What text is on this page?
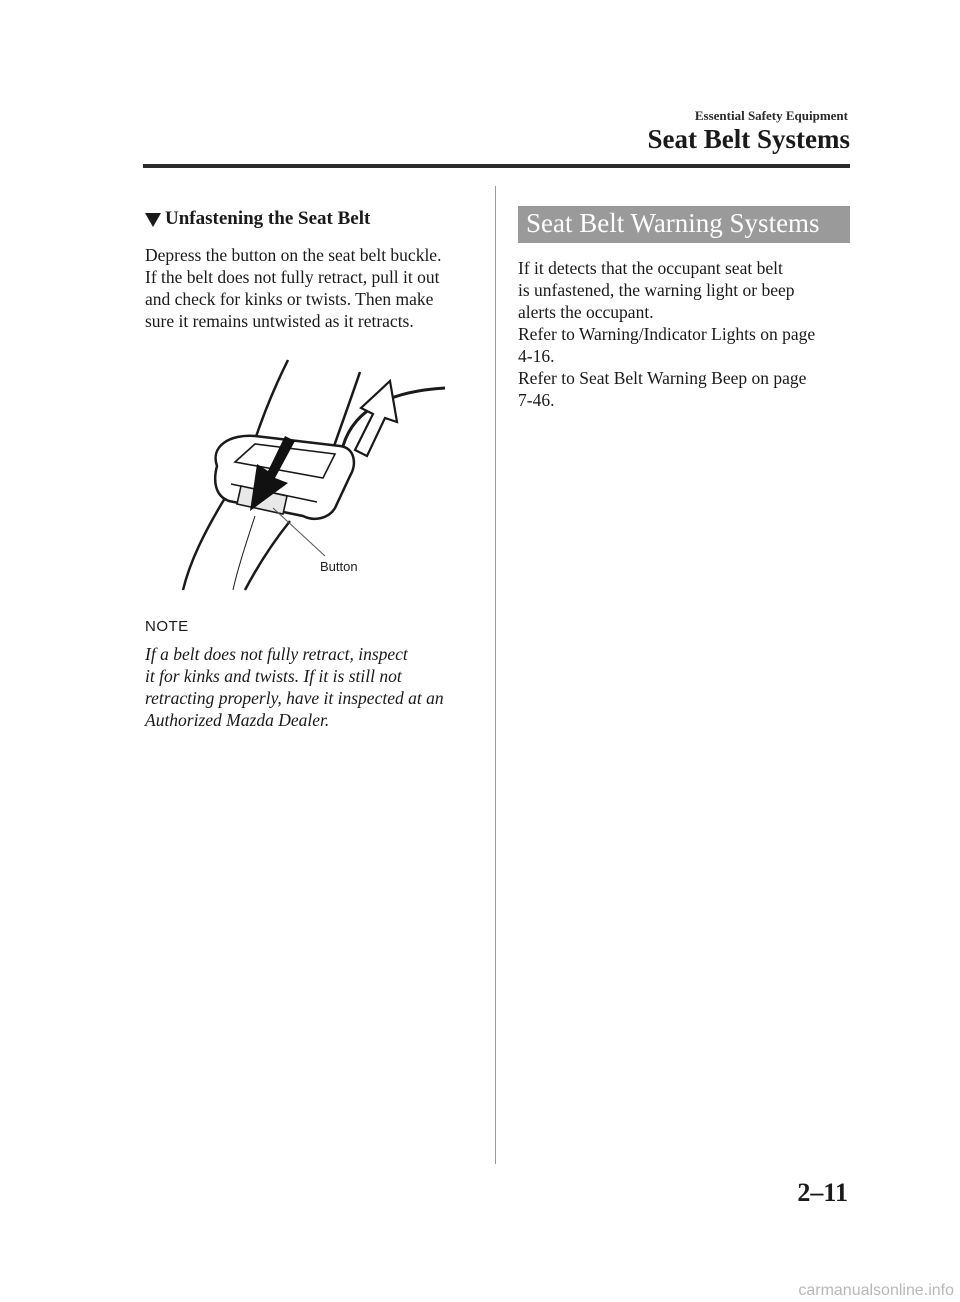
Essential Safety Equipment
Seat Belt Systems
Unfastening the Seat Belt

Depress the button on the seat belt buckle.
If the belt does not fully retract, pull it out
and check for kinks or twists. Then make
sure it remains untwisted as it retracts.

Button
NOTE

If a belt does not fully retract, inspect
it for kinks and twists. If it is still not
retracting properly, have it inspected at an
Authorized Mazda Dealer.

Seat Belt Warning Systems

If it detects that the occupant seat belt
is unfastened, the warning light or beep
alerts the occupant.
Refer to Warning/Indicator Lights on page
4-16.
Refer to Seat Belt Warning Beep on page
7-46.

2–11
carmanualsonline.info
